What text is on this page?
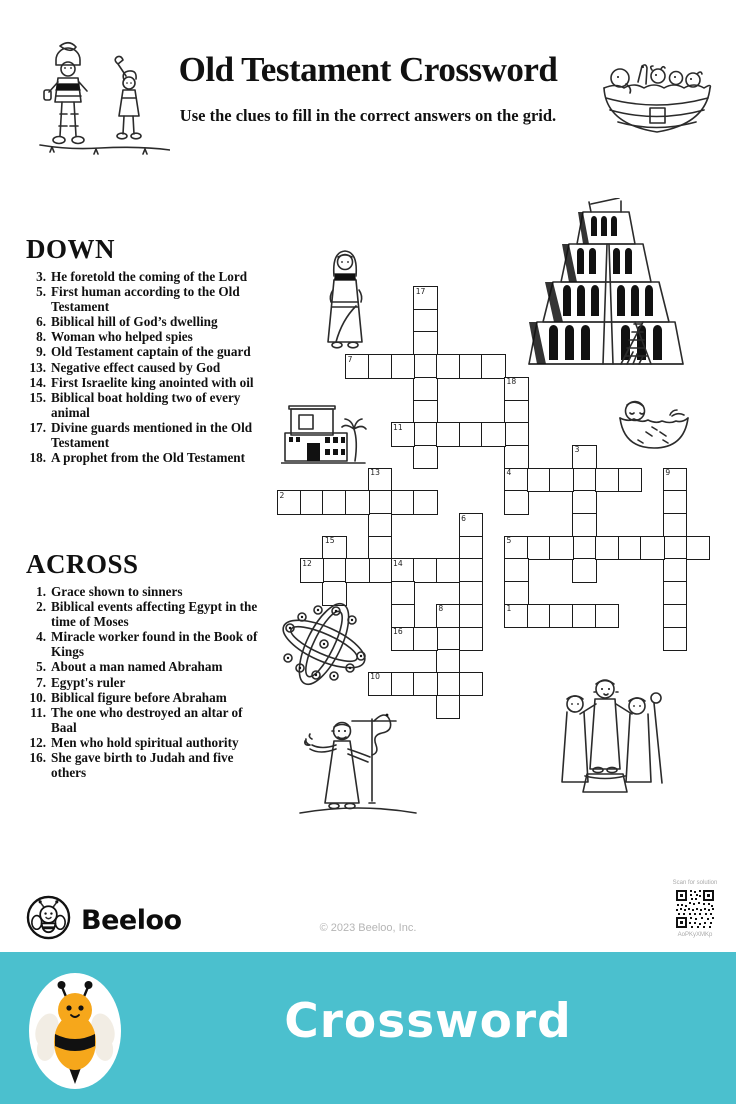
Old Testament Crossword
Use the clues to fill in the correct answers on the grid.
DOWN
3. He foretold the coming of the Lord
5. First human according to the Old Testament
6. Biblical hill of God’s dwelling
8. Woman who helped spies
9. Old Testament captain of the guard
13. Negative effect caused by God
14. First Israelite king anointed with oil
15. Biblical boat holding two of every animal
17. Divine guards mentioned in the Old Testament
18. A prophet from the Old Testament
ACROSS
1. Grace shown to sinners
2. Biblical events affecting Egypt in the time of Moses
4. Miracle worker found in the Book of Kings
5. About a man named Abraham
7. Egypt's ruler
10. Biblical figure before Abraham
11. The one who destroyed an altar of Baal
12. Men who hold spiritual authority
16. She gave birth to Judah and five others
17
7
18
4
11
3
13	9
2
6
15	5
1
12	14
16
8
10
Beeloo	© 2023 Beeloo, Inc.
Scan for solution
AoPKyXMKp
Crossword
